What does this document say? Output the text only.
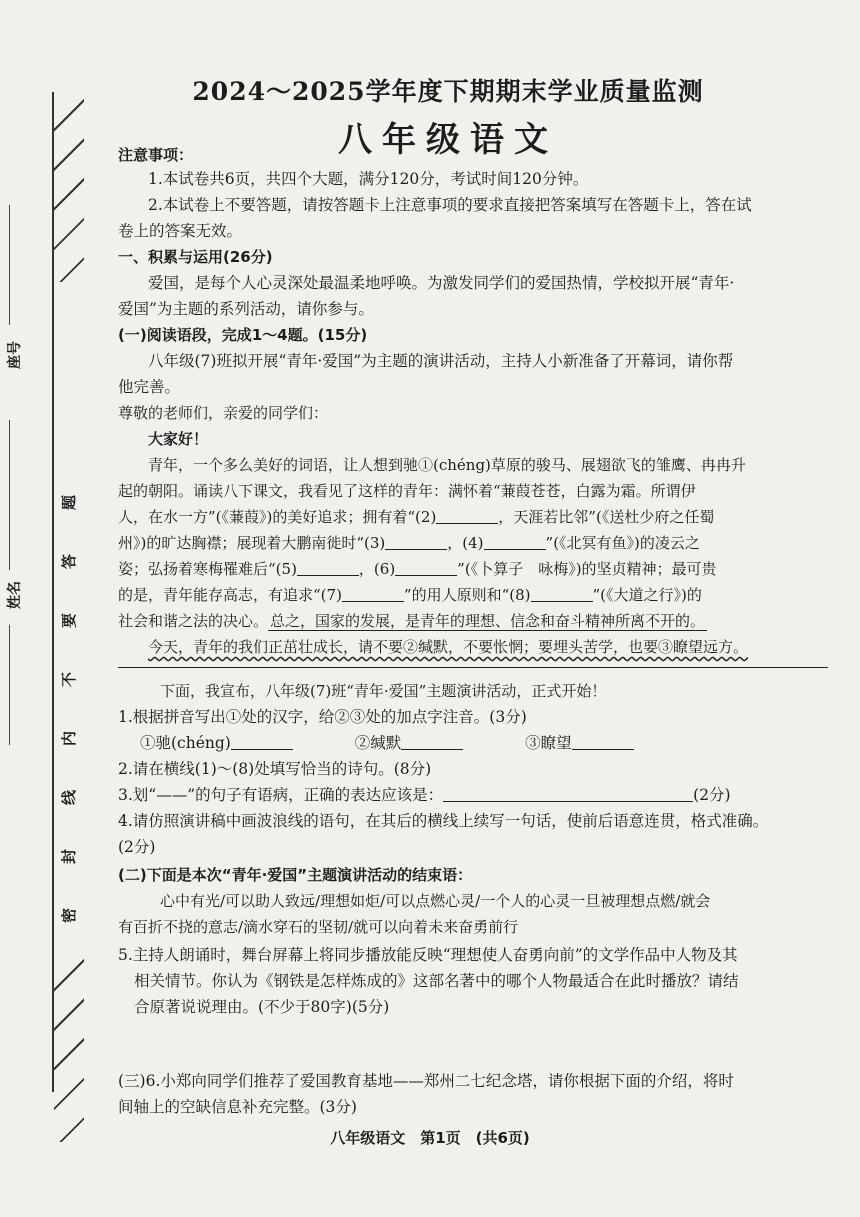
题
答
要
不
内
线
封
密
座号
姓名
2024～2025学年度下期期末学业质量监测
八年级语文
注意事项：
1.本试卷共6页，共四个大题，满分120分，考试时间120分钟。
2.本试卷上不要答题，请按答题卡上注意事项的要求直接把答案填写在答题卡上，答在试
卷上的答案无效。
一、积累与运用(26分)
爱国，是每个人心灵深处最温柔地呼唤。为激发同学们的爱国热情，学校拟开展“青年·
爱国”为主题的系列活动，请你参与。
(一)阅读语段，完成1～4题。(15分)
八年级(7)班拟开展“青年·爱国”为主题的演讲活动，主持人小新准备了开幕词，请你帮
他完善。
尊敬的老师们，亲爱的同学们：
大家好！
青年，一个多么美好的词语，让人想到驰①(chéng)草原的骏马、展翅欲飞的雏鹰、冉冉升
起的朝阳。诵读八下课文，我看见了这样的青年：满怀着“蒹葭苍苍，白露为霜。所谓伊
人，在水一方”(《蒹葭》)的美好追求；拥有着“(2)	，天涯若比邻”(《送杜少府之任蜀
州》)的旷达胸襟；展现着大鹏南徙时“(3)	，(4)	”(《北冥有鱼》)的凌云之
姿；弘扬着寒梅罹难后“(5)	，(6)	”(《卜算子　咏梅》)的坚贞精神；最可贵
的是，青年能存高志，有追求“(7)	”的用人原则和“(8)	”(《大道之行》)的
社会和谐之法的决心。 总之，国家的发展，是青年的理想、信念和奋斗精神所离不开的。
今天，青年的我们正茁壮成长，请不要②缄默，不要怅惘；要埋头苦学，也要③瞭望远方。
下面，我宣布，八年级(7)班“青年·爱国”主题演讲活动，正式开始！
1.根据拼音写出①处的汉字，给②③处的加点字注音。(3分)
①驰(chéng)	②缄默	③瞭望
2.请在横线(1)～(8)处填写恰当的诗句。(8分)
3.划“——”的句子有语病，正确的表达应该是：	(2分)
4.请仿照演讲稿中画波浪线的语句，在其后的横线上续写一句话，使前后语意连贯，格式准确。
(2分)
(二)下面是本次“青年·爱国”主题演讲活动的结束语：
心中有光/可以助人致远/理想如炬/可以点燃心灵/一个人的心灵一旦被理想点燃/就会
有百折不挠的意志/滴水穿石的坚韧/就可以向着未来奋勇前行
5.主持人朗诵时，舞台屏幕上将同步播放能反映“理想使人奋勇向前”的文学作品中人物及其
相关情节。你认为《钢铁是怎样炼成的》这部名著中的哪个人物最适合在此时播放？请结
合原著说说理由。(不少于80字)(5分)
(三)6.小郑向同学们推荐了爱国教育基地——郑州二七纪念塔，请你根据下面的介绍，将时
间轴上的空缺信息补充完整。(3分)
八年级语文　第1页　(共6页)
